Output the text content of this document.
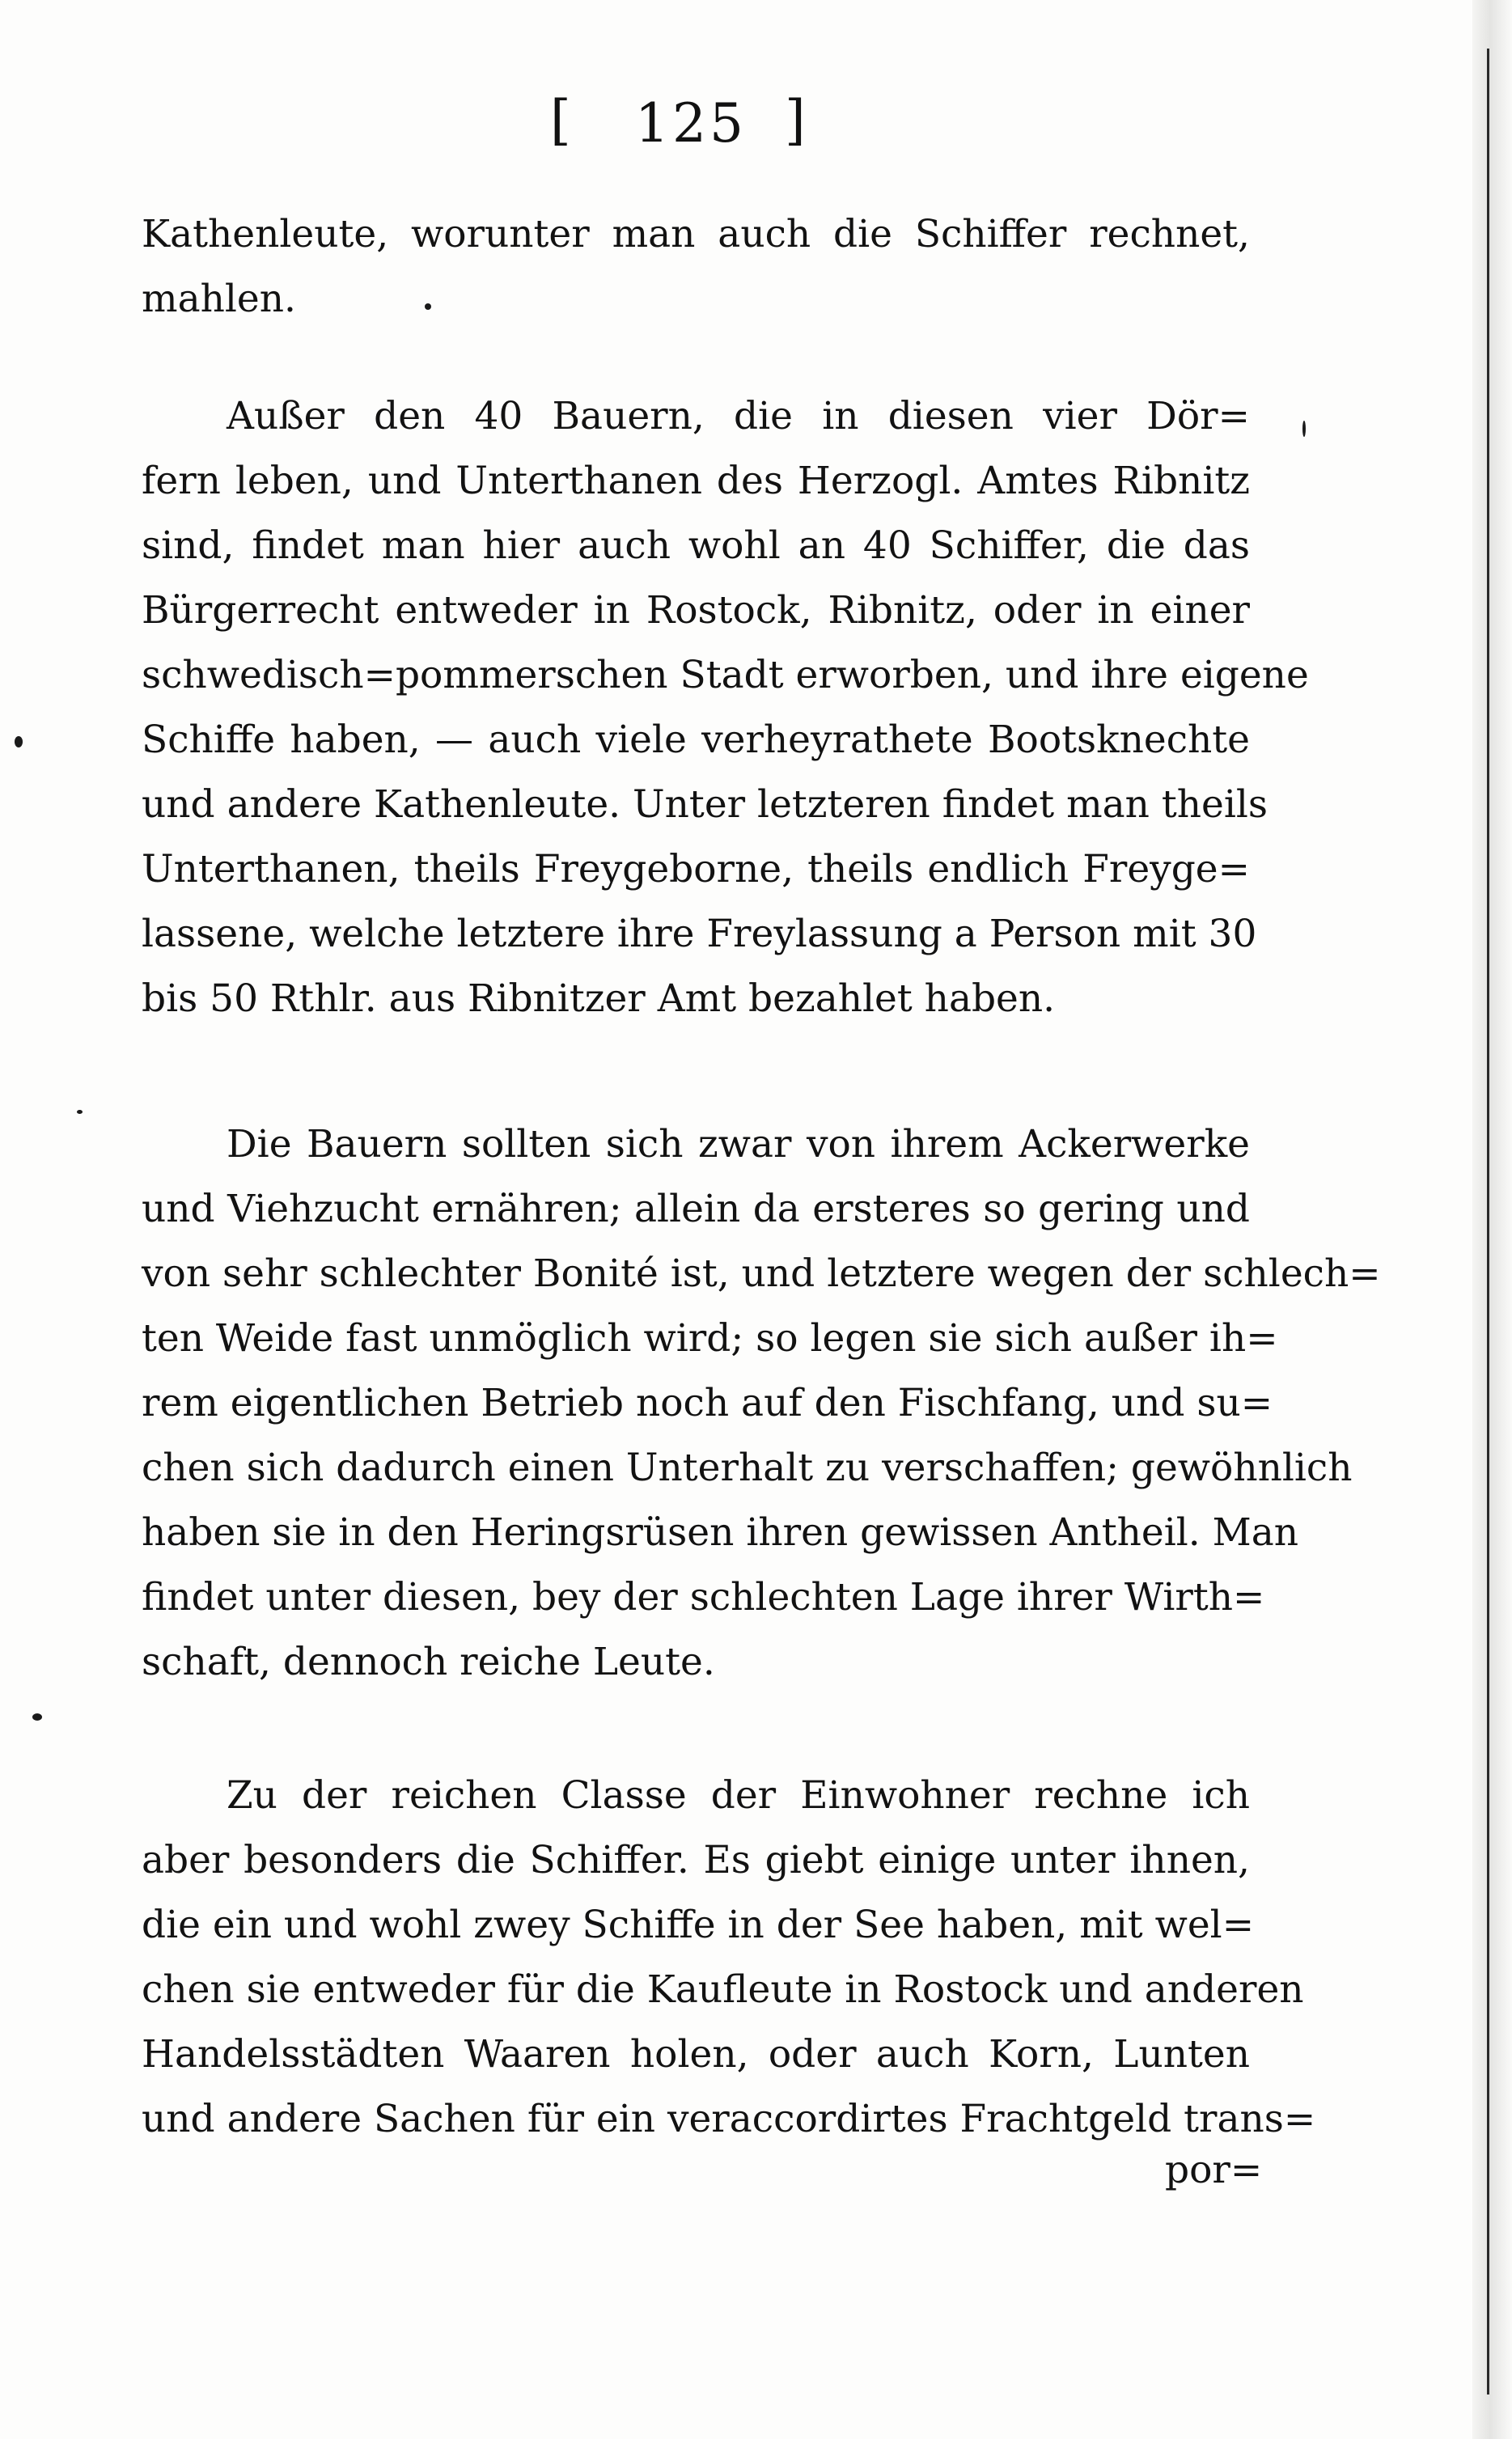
[ 125 ]
Kathenleute, worunter man auch die Schiffer rechnet,
mahlen.
Außer den 40 Bauern, die in diesen vier Dör=
fern leben, und Unterthanen des Herzogl. Amtes Ribnitz
sind, findet man hier auch wohl an 40 Schiffer, die das
Bürgerrecht entweder in Rostock, Ribnitz, oder in einer
schwedisch=pommerschen Stadt erworben, und ihre eigene
Schiffe haben, — auch viele verheyrathete Bootsknechte
und andere Kathenleute. Unter letzteren findet man theils
Unterthanen, theils Freygeborne, theils endlich Freyge=
lassene, welche letztere ihre Freylassung a Person mit 30
bis 50 Rthlr. aus Ribnitzer Amt bezahlet haben.
Die Bauern sollten sich zwar von ihrem Ackerwerke
und Viehzucht ernähren; allein da ersteres so gering und
von sehr schlechter Bonité ist, und letztere wegen der schlech=
ten Weide fast unmöglich wird; so legen sie sich außer ih=
rem eigentlichen Betrieb noch auf den Fischfang, und su=
chen sich dadurch einen Unterhalt zu verschaffen; gewöhnlich
haben sie in den Heringsrüsen ihren gewissen Antheil. Man
findet unter diesen, bey der schlechten Lage ihrer Wirth=
schaft, dennoch reiche Leute.
Zu der reichen Classe der Einwohner rechne ich
aber besonders die Schiffer. Es giebt einige unter ihnen,
die ein und wohl zwey Schiffe in der See haben, mit wel=
chen sie entweder für die Kaufleute in Rostock und anderen
Handelsstädten Waaren holen, oder auch Korn, Lunten
und andere Sachen für ein veraccordirtes Frachtgeld trans=
por=
